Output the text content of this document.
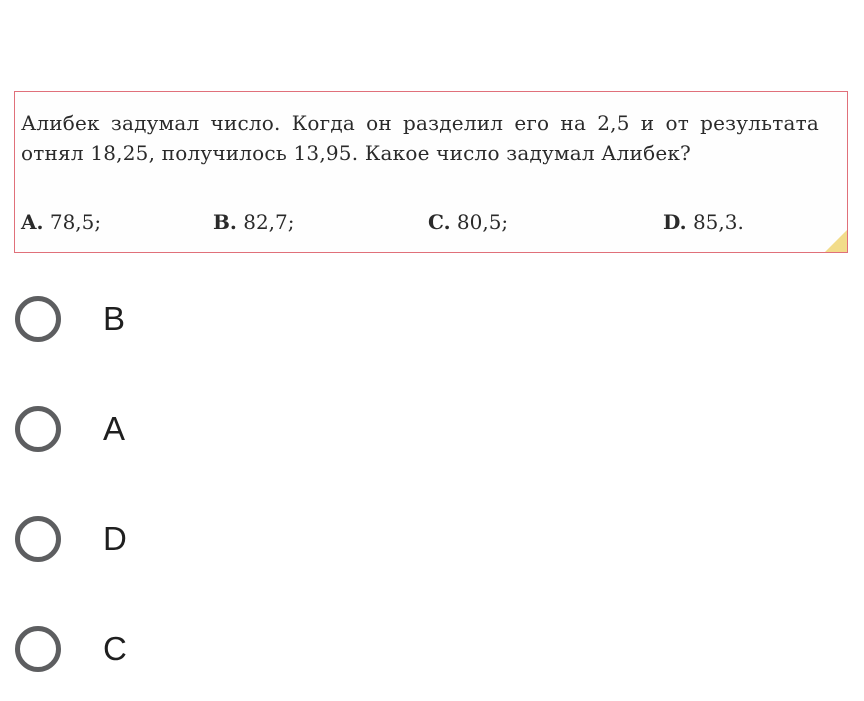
Алибек задумал число. Когда он разделил его на 2,5 и от результата отнял 18,25, получилось 13,95. Какое число задумал Алибек?
A. 78,5;	B. 82,7;	C. 80,5;	D. 85,3.
B
A
D
C
